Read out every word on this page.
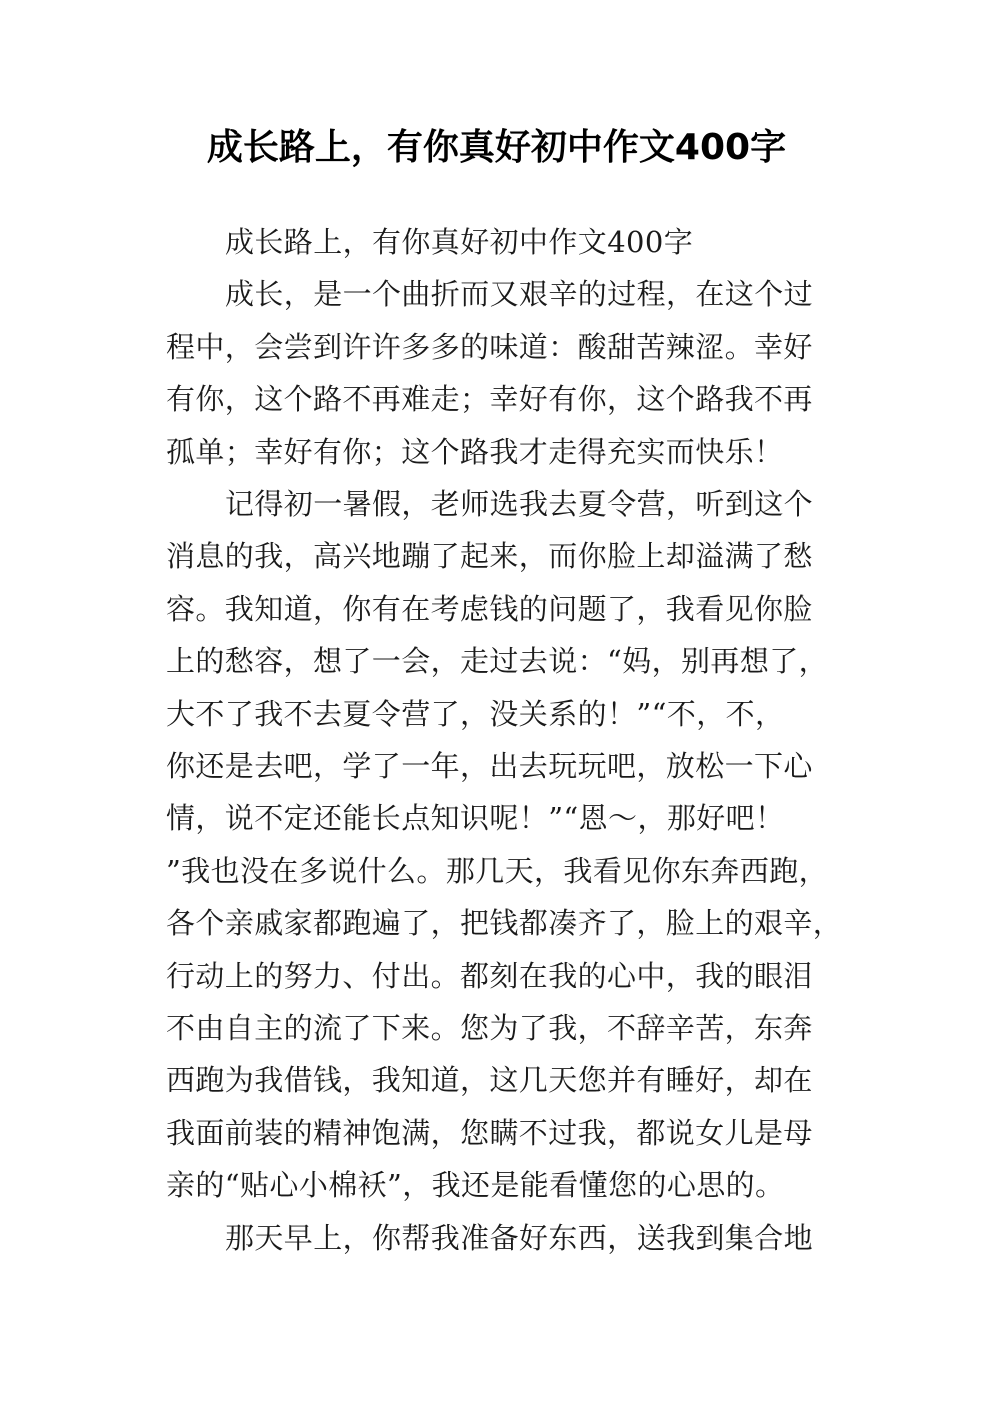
成长路上，有你真好初中作文400字
成长路上，有你真好初中作文400字
成长，是一个曲折而又艰辛的过程，在这个过
程中，会尝到许许多多的味道：酸甜苦辣涩。幸好
有你，这个路不再难走；幸好有你，这个路我不再
孤单；幸好有你；这个路我才走得充实而快乐！
记得初一暑假，老师选我去夏令营，听到这个
消息的我，高兴地蹦了起来，而你脸上却溢满了愁
容。我知道，你有在考虑钱的问题了，我看见你脸
上的愁容，想了一会，走过去说：“妈，别再想了，
大不了我不去夏令营了，没关系的！”“不，不，
你还是去吧，学了一年，出去玩玩吧，放松一下心
情，说不定还能长点知识呢！”“恩～，那好吧！
”我也没在多说什么。那几天，我看见你东奔西跑，
各个亲戚家都跑遍了，把钱都凑齐了，脸上的艰辛，
行动上的努力、付出。都刻在我的心中，我的眼泪
不由自主的流了下来。您为了我，不辞辛苦，东奔
西跑为我借钱，我知道，这几天您并有睡好，却在
我面前装的精神饱满，您瞒不过我，都说女儿是母
亲的“贴心小棉袄”，我还是能看懂您的心思的。
那天早上，你帮我准备好东西，送我到集合地
